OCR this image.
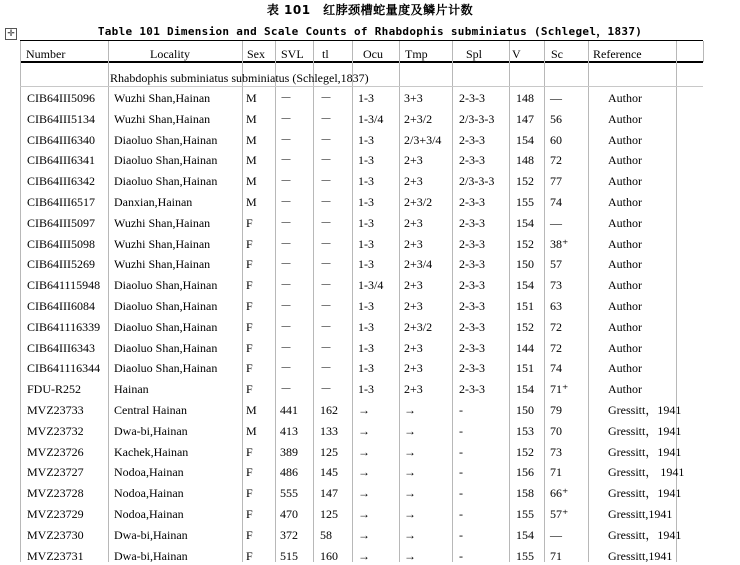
表 101　红脖颈槽蛇量度及鳞片计数
Table 101 Dimension and Scale Counts of Rhabdophis subminiatus (Schlegel，1837)
✛
Number	Locality	Sex SVL tl	Ocu Tmp	Spl V	Sc	Reference
Rhabdophis subminiatus subminiatus (Schlegel,1837)
CIB64III5096 Wuzhi Shan,Hainan	M － － 1-3	3+3	2-3-3	148 —	Author
CIB64III5134 Wuzhi Shan,Hainan	M － － 1-3/4 2+3/2 2/3-3-3 147 56	Author
CIB64III6340 Diaoluo Shan,Hainan M － － 1-3	2/3+3/4 2-3-3	154 60	Author
CIB64III6341 Diaoluo Shan,Hainan M － － 1-3	2+3	2-3-3	148 72	Author
CIB64III6342 Diaoluo Shan,Hainan M － － 1-3	2+3	2/3-3-3 152 77	Author
CIB64III6517 Danxian,Hainan	M － － 1-3	2+3/2 2-3-3	155 74	Author
CIB64III5097 Wuzhi Shan,Hainan	F － － 1-3	2+3	2-3-3	154 —	Author
CIB64III5098 Wuzhi Shan,Hainan	F － － 1-3	2+3	2-3-3	152 38⁺	Author
CIB64III5269 Wuzhi Shan,Hainan	F － － 1-3	2+3/4 2-3-3	150 57	Author
CIB641115948 Diaoluo Shan,Hainan F － － 1-3/4 2+3	2-3-3	154 73	Author
CIB64III6084 Diaoluo Shan,Hainan F － － 1-3	2+3	2-3-3	151 63	Author
CIB641116339 Diaoluo Shan,Hainan F － － 1-3	2+3/2 2-3-3	152 72	Author
CIB64III6343 Diaoluo Shan,Hainan F － － 1-3	2+3	2-3-3	144 72	Author
CIB641116344 Diaoluo Shan,Hainan F － － 1-3	2+3	2-3-3	151 74	Author
FDU-R252	Hainan	F － － 1-3	2+3	2-3-3	154 71⁺	Author
MVZ23733	Central Hainan	M 441 162 →	→	-	150 79	Gressitt，1941
MVZ23732	Dwa-bi,Hainan	M 413 133 →	→	-	153 70	Gressitt，1941
MVZ23726	Kachek,Hainan	F 389 125 →	→	-	152 73	Gressitt，1941
MVZ23727	Nodoa,Hainan	F 486 145 →	→	-	156 71	Gressitt， 1941
MVZ23728	Nodoa,Hainan	F 555 147 →	→	-	158 66⁺	Gressitt，1941
MVZ23729	Nodoa,Hainan	F 470 125 →	→	-	155 57⁺	Gressitt,1941
MVZ23730	Dwa-bi,Hainan	F 372 58 →	→	-	154 —	Gressitt，1941
MVZ23731	Dwa-bi,Hainan	F 515 160 →	→	-	155 71	Gressitt,1941
